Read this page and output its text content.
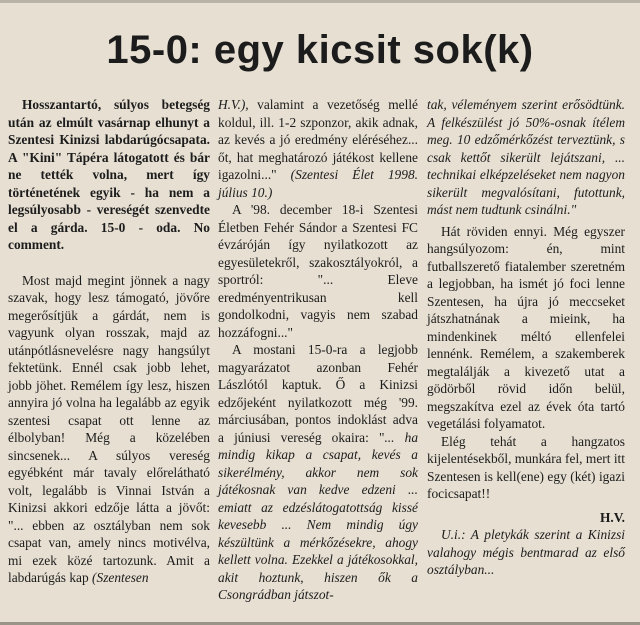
15-0: egy kicsit sok(k)

Hosszantartó, súlyos betegség után az elmúlt vasárnap elhunyt a Szentesi Kinizsi labdarúgócsapata. A "Kini" Tápéra látogatott és bár ne tették volna, mert így történetének egyik - ha nem a legsúlyosabb - vereségét szenvedte el a gárda. 15-0 - oda. No comment.

Most majd megint jönnek a nagy szavak, hogy lesz támogató, jövőre megerősítjük a gárdát, nem is vagyunk olyan rosszak, majd az utánpótlásnevelésre nagy hangsúlyt fektetünk. Ennél csak jobb lehet, jobb jöhet. Remélem így lesz, hiszen annyira jó volna ha legalább az egyik szentesi csapat ott lenne az élbolyban! Még a közelében sincsenek... A súlyos vereség egyébként már tavaly előrelátható volt, legalább is Vinnai István a Kinizsi akkori edzője látta a jövőt: "... ebben az osztályban nem sok csapat van, amely nincs motivélva, mi ezek közé tartozunk. Amit a labdarúgás kap (Szentesen

H.V.), valamint a vezetőség mellé koldul, ill. 1-2 szponzor, akik adnak, az kevés a jó eredmény eléréséhez... őt, hat meghatározó játékost kellene igazolni..." (Szentesi Élet 1998. július 10.)

A '98. december 18-i Szentesi Életben Fehér Sándor a Szentesi FC évzáróján így nyilatkozott az egyesületekről, szakosztályokról, a sportról: "... Eleve eredményentrikusan kell gondolkodni, vagyis nem szabad hozzáfogni..."

A mostani 15-0-ra a legjobb magyarázatot azonban Fehér Lászlótól kaptuk. Ő a Kinizsi edzőjeként nyilatkozott még '99. márciusában, pontos indoklást adva a júniusi vereség okaira: "... ha mindig kikap a csapat, kevés a sikerélmény, akkor nem sok játékosnak van kedve edzeni ... emiatt az edzéslátogatottság kissé kevesebb ... Nem mindig úgy készültünk a mérkőzésekre, ahogy kellett volna. Ezekkel a játékosokkal, akit hoztunk, hiszen ők a Csongrádban játszot-

tak, véleményem szerint erősödtünk. A felkészülést jó 50%-osnak ítélem meg. 10 edzőmérkőzést terveztünk, s csak kettőt sikerült lejátszani, ... technikai elképzeléseket nem nagyon sikerült megvalósítani, futottunk, mást nem tudtunk csinálni."

Hát röviden ennyi. Még egyszer hangsúlyozom: én, mint futballszerető fiatalember szeretném a legjobban, ha ismét jó foci lenne Szentesen, ha újra jó meccseket játszhatnának a mieink, ha mindenkinek méltó ellenfelei lennénk. Remélem, a szakemberek megtalálják a kivezető utat a gödörből rövid időn belül, megszakítva ezel az évek óta tartó vegetálási folyamatot.

Elég tehát a hangzatos kijelentésekből, munkára fel, mert itt Szentesen is kell(ene) egy (két) igazi focicsapat!!

H.V.

U.i.: A pletykák szerint a Kinizsi valahogy mégis bentmarad az első osztályban...
